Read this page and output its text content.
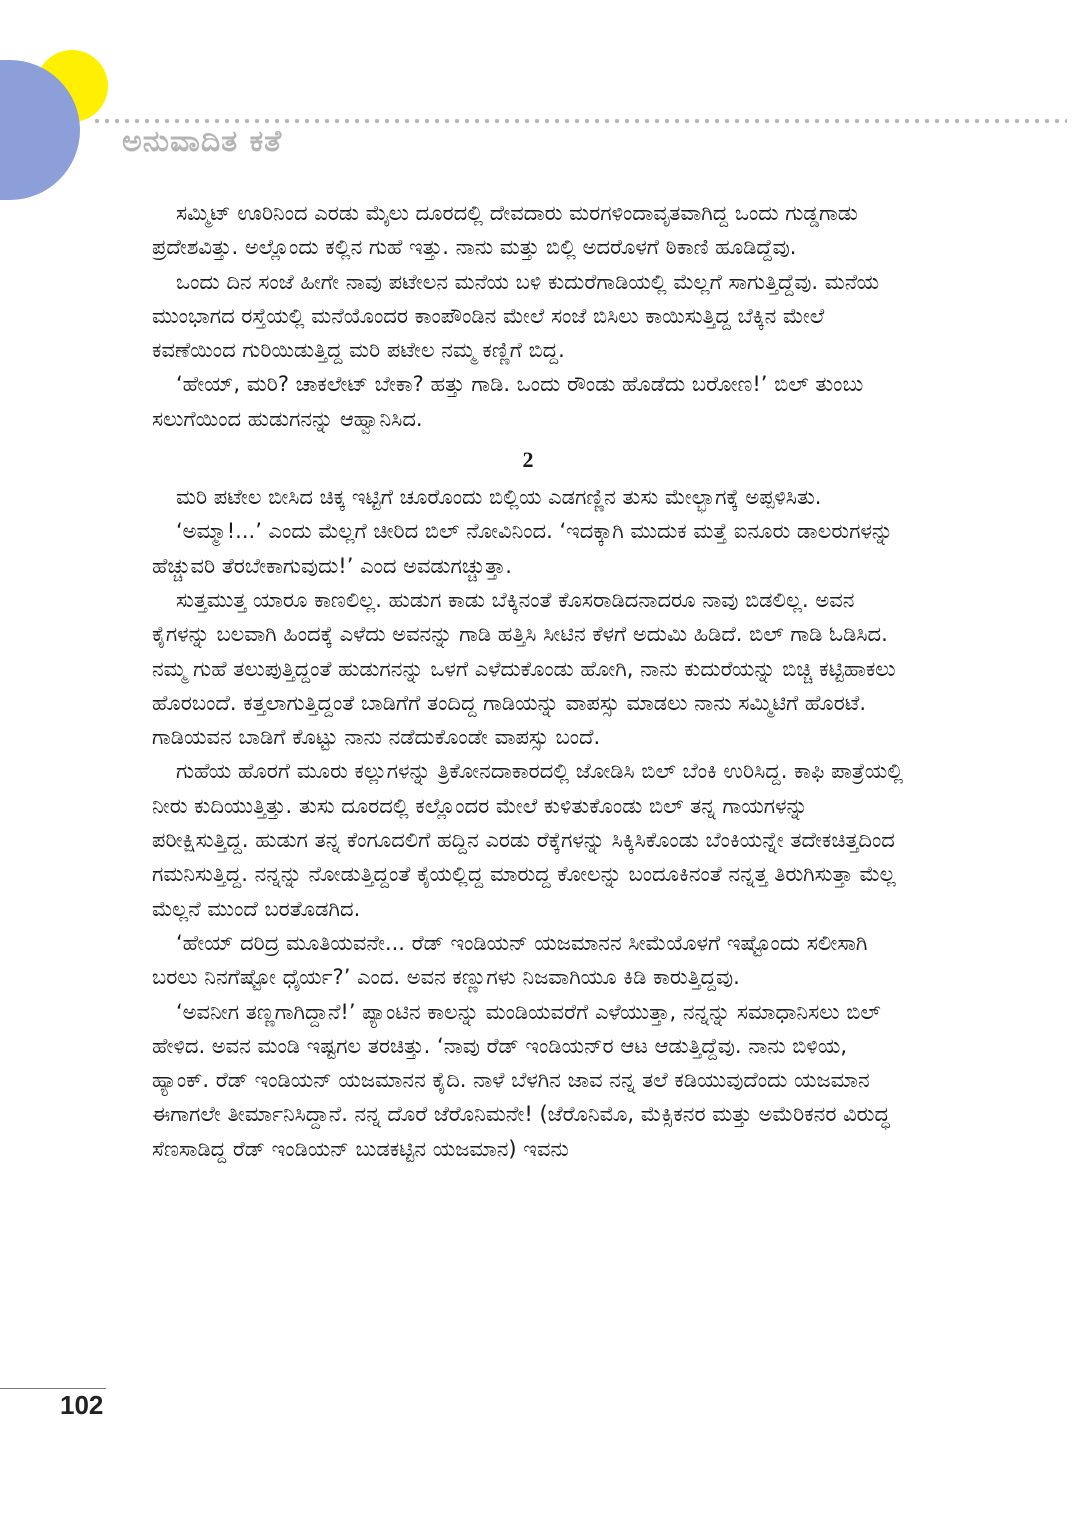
ಅನುವಾದಿತ ಕತೆ

ಸಮ್ಮಿಟ್ ಊರಿನಿಂದ ಎರಡು ಮೈಲು ದೂರದಲ್ಲಿ ದೇವದಾರು ಮರಗಳಿಂದಾವೃತವಾಗಿದ್ದ ಒಂದು ಗುಡ್ಡಗಾಡು ಪ್ರದೇಶವಿತ್ತು. ಅಲ್ಲೊಂದು ಕಲ್ಲಿನ ಗುಹೆ ಇತ್ತು. ನಾನು ಮತ್ತು ಬಿಲ್ಲಿ ಅದರೊಳಗೆ ಠಿಕಾಣಿ ಹೂಡಿದ್ದೆವು.

ಒಂದು ದಿನ ಸಂಜೆ ಹೀಗೇ ನಾವು ಪಟೇಲನ ಮನೆಯ ಬಳಿ ಕುದುರೆಗಾಡಿಯಲ್ಲಿ ಮೆಲ್ಲಗೆ ಸಾಗುತ್ತಿದ್ದೆವು. ಮನೆಯ ಮುಂಭಾಗದ ರಸ್ತೆಯಲ್ಲಿ ಮನೆಯೊಂದರ ಕಾಂಪೌಂಡಿನ ಮೇಲೆ ಸಂಜೆ ಬಿಸಿಲು ಕಾಯಿಸುತ್ತಿದ್ದ ಬೆಕ್ಕಿನ ಮೇಲೆ ಕವಣೆಯಿಂದ ಗುರಿಯಿಡುತ್ತಿದ್ದ ಮರಿ ಪಟೇಲ ನಮ್ಮ ಕಣ್ಣಿಗೆ ಬಿದ್ದ.

‘ಹೇಯ್, ಮರಿ? ಚಾಕಲೇಟ್ ಬೇಕಾ? ಹತ್ತು ಗಾಡಿ. ಒಂದು ರೌಂಡು ಹೊಡೆದು ಬರೋಣ!’ ಬಿಲ್ ತುಂಬು ಸಲುಗೆಯಿಂದ ಹುಡುಗನನ್ನು ಆಹ್ವಾನಿಸಿದ.

2

ಮರಿ ಪಟೇಲ ಬೀಸಿದ ಚಿಕ್ಕ ಇಟ್ಟಿಗೆ ಚೂರೊಂದು ಬಿಲ್ಲಿಯ ಎಡಗಣ್ಣಿನ ತುಸು ಮೇಲ್ಭಾಗಕ್ಕೆ ಅಪ್ಪಳಿಸಿತು.

‘ಅಮ್ಮಾ!...’ ಎಂದು ಮೆಲ್ಲಗೆ ಚೀರಿದ ಬಿಲ್ ನೋವಿನಿಂದ. ‘ಇದಕ್ಕಾಗಿ ಮುದುಕ ಮತ್ತೆ ಐನೂರು ಡಾಲರುಗಳನ್ನು ಹೆಚ್ಚುವರಿ ತೆರಬೇಕಾಗುವುದು!’ ಎಂದ ಅವಡುಗಚ್ಚುತ್ತಾ.

ಸುತ್ತಮುತ್ತ ಯಾರೂ ಕಾಣಲಿಲ್ಲ. ಹುಡುಗ ಕಾಡು ಬೆಕ್ಕಿನಂತೆ ಕೊಸರಾಡಿದನಾದರೂ ನಾವು ಬಿಡಲಿಲ್ಲ. ಅವನ ಕೈಗಳನ್ನು ಬಲವಾಗಿ ಹಿಂದಕ್ಕೆ ಎಳೆದು ಅವನನ್ನು ಗಾಡಿ ಹತ್ತಿಸಿ ಸೀಟಿನ ಕೆಳಗೆ ಅದುಮಿ ಹಿಡಿದೆ. ಬಿಲ್ ಗಾಡಿ ಓಡಿಸಿದ. ನಮ್ಮ ಗುಹೆ ತಲುಪುತ್ತಿದ್ದಂತೆ ಹುಡುಗನನ್ನು ಒಳಗೆ ಎಳೆದುಕೊಂಡು ಹೋಗಿ, ನಾನು ಕುದುರೆಯನ್ನು ಬಿಚ್ಚಿ ಕಟ್ಟಿಹಾಕಲು ಹೊರಬಂದೆ. ಕತ್ತಲಾಗುತ್ತಿದ್ದಂತೆ ಬಾಡಿಗೆಗೆ ತಂದಿದ್ದ ಗಾಡಿಯನ್ನು ವಾಪಸ್ಸು ಮಾಡಲು ನಾನು ಸಮ್ಮಿಟಿಗೆ ಹೊರಟೆ. ಗಾಡಿಯವನ ಬಾಡಿಗೆ ಕೊಟ್ಟು ನಾನು ನಡೆದುಕೊಂಡೇ ವಾಪಸ್ಸು ಬಂದೆ.

ಗುಹೆಯ ಹೊರಗೆ ಮೂರು ಕಲ್ಲುಗಳನ್ನು ತ್ರಿಕೋನದಾಕಾರದಲ್ಲಿ ಜೋಡಿಸಿ ಬಿಲ್ ಬೆಂಕಿ ಉರಿಸಿದ್ದ. ಕಾಫಿ ಪಾತ್ರೆಯಲ್ಲಿ ನೀರು ಕುದಿಯುತ್ತಿತ್ತು. ತುಸು ದೂರದಲ್ಲಿ ಕಲ್ಲೊಂದರ ಮೇಲೆ ಕುಳಿತುಕೊಂಡು ಬಿಲ್ ತನ್ನ ಗಾಯಗಳನ್ನು ಪರೀಕ್ಷಿಸುತ್ತಿದ್ದ. ಹುಡುಗ ತನ್ನ ಕೆಂಗೂದಲಿಗೆ ಹದ್ದಿನ ಎರಡು ರೆಕ್ಕೆಗಳನ್ನು ಸಿಕ್ಕಿಸಿಕೊಂಡು ಬೆಂಕಿಯನ್ನೇ ತದೇಕಚಿತ್ತದಿಂದ ಗಮನಿಸುತ್ತಿದ್ದ. ನನ್ನನ್ನು ನೋಡುತ್ತಿದ್ದಂತೆ ಕೈಯಲ್ಲಿದ್ದ ಮಾರುದ್ದ ಕೋಲನ್ನು ಬಂದೂಕಿನಂತೆ ನನ್ನತ್ತ ತಿರುಗಿಸುತ್ತಾ ಮೆಲ್ಲ ಮೆಲ್ಲನೆ ಮುಂದೆ ಬರತೊಡಗಿದ.

‘ಹೇಯ್ ದರಿದ್ರ ಮೂತಿಯವನೇ... ರೆಡ್ ಇಂಡಿಯನ್ ಯಜಮಾನನ ಸೀಮೆಯೊಳಗೆ ಇಷ್ಟೊಂದು ಸಲೀಸಾಗಿ ಬರಲು ನಿನಗೆಷ್ಟೋ ಧೈರ್ಯ?’ ಎಂದ. ಅವನ ಕಣ್ಣುಗಳು ನಿಜವಾಗಿಯೂ ಕಿಡಿ ಕಾರುತ್ತಿದ್ದವು.

‘ಅವನೀಗ ತಣ್ಣಗಾಗಿದ್ದಾನೆ!’ ಪ್ಯಾಂಟಿನ ಕಾಲನ್ನು ಮಂಡಿಯವರೆಗೆ ಎಳೆಯುತ್ತಾ, ನನ್ನನ್ನು ಸಮಾಧಾನಿಸಲು ಬಿಲ್ ಹೇಳಿದ. ಅವನ ಮಂಡಿ ಇಷ್ಟಗಲ ತರಚಿತ್ತು. ‘ನಾವು ರೆಡ್ ಇಂಡಿಯನ್‌ರ ಆಟ ಆಡುತ್ತಿದ್ದೆವು. ನಾನು ಬಿಳಿಯ, ಹ್ಯಾಂಕ್. ರೆಡ್ ಇಂಡಿಯನ್ ಯಜಮಾನನ ಕೈದಿ. ನಾಳೆ ಬೆಳಗಿನ ಜಾವ ನನ್ನ ತಲೆ ಕಡಿಯುವುದೆಂದು ಯಜಮಾನ ಈಗಾಗಲೇ ತೀರ್ಮಾನಿಸಿದ್ದಾನೆ. ನನ್ನ ದೊರೆ ಜೆರೊನಿಮನೇ! (ಜೆರೊನಿಮೊ, ಮೆಕ್ಸಿಕನರ ಮತ್ತು ಅಮೆರಿಕನರ ವಿರುದ್ಧ ಸೆಣಸಾಡಿದ್ದ ರೆಡ್ ಇಂಡಿಯನ್ ಬುಡಕಟ್ಟಿನ ಯಜಮಾನ) ಇವನು

102
